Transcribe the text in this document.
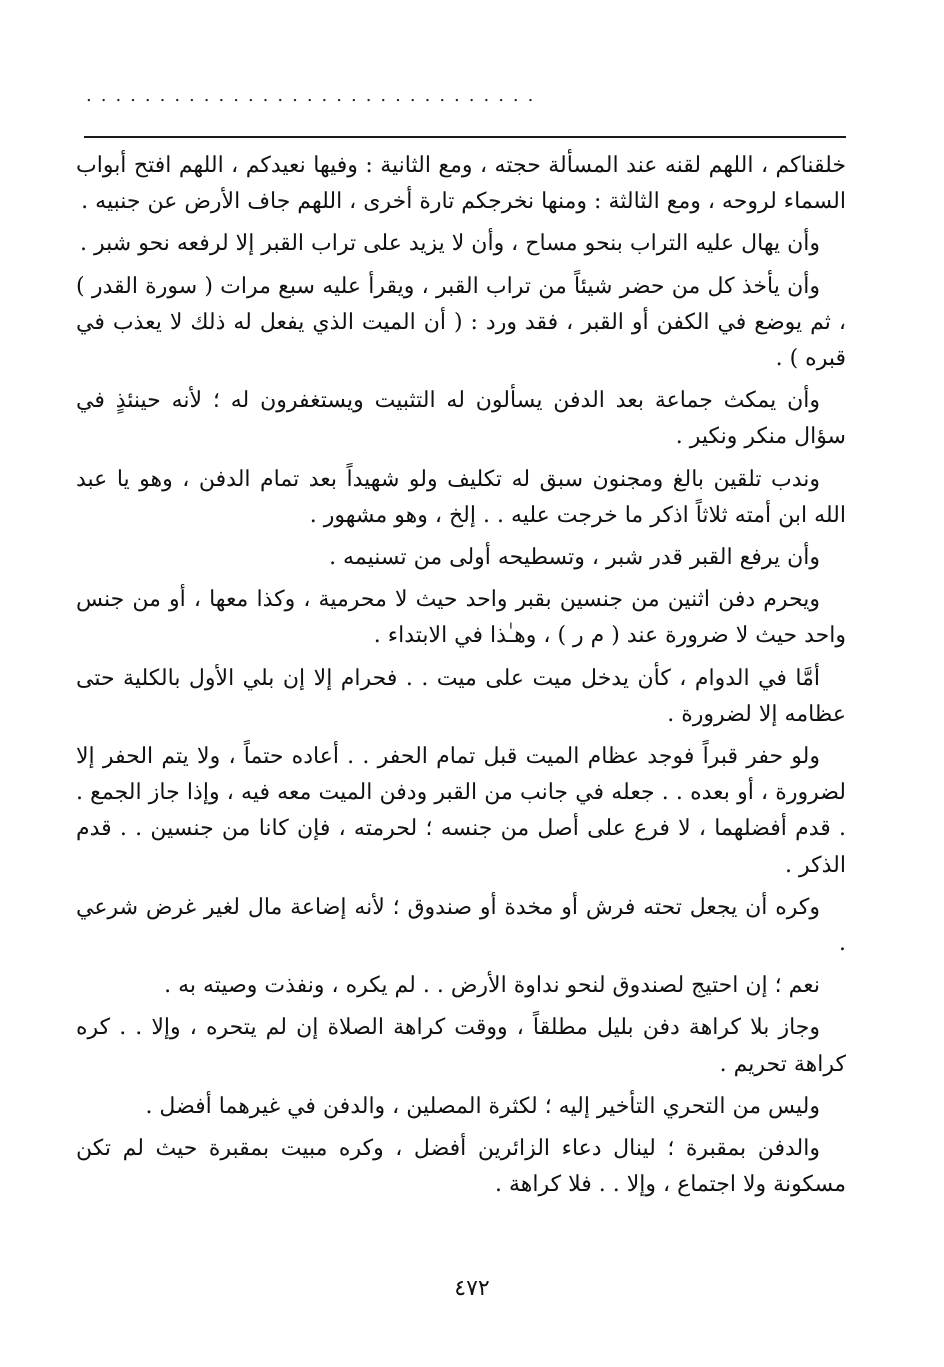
...............................

خلقناكم ، اللهم لقنه عند المسألة حجته ، ومع الثانية : وفيها نعيدكم ، اللهم افتح أبواب السماء لروحه ، ومع الثالثة : ومنها نخرجكم تارة أخرى ، اللهم جاف الأرض عن جنبيه .

وأن يهال عليه التراب بنحو مساح ، وأن لا يزيد على تراب القبر إلا لرفعه نحو شبر .

وأن يأخذ كل من حضر شيئاً من تراب القبر ، ويقرأ عليه سبع مرات ( سورة القدر ) ، ثم يوضع في الكفن أو القبر ، فقد ورد : ( أن الميت الذي يفعل له ذلك لا يعذب في قبره ) .

وأن يمكث جماعة بعد الدفن يسألون له التثبيت ويستغفرون له ؛ لأنه حينئذٍ في سؤال منكر ونكير .

وندب تلقين بالغ ومجنون سبق له تكليف ولو شهيداً بعد تمام الدفن ، وهو يا عبد الله ابن أمته ثلاثاً اذكر ما خرجت عليه . . إلخ ، وهو مشهور .

وأن يرفع القبر قدر شبر ، وتسطيحه أولى من تسنيمه .

ويحرم دفن اثنين من جنسين بقبر واحد حيث لا محرمية ، وكذا معها ، أو من جنس واحد حيث لا ضرورة عند ( م ر ) ، وهـٰذا في الابتداء .

أمَّا في الدوام ، كأن يدخل ميت على ميت . . فحرام إلا إن بلي الأول بالكلية حتى عظامه إلا لضرورة .

ولو حفر قبراً فوجد عظام الميت قبل تمام الحفر . . أعاده حتماً ، ولا يتم الحفر إلا لضرورة ، أو بعده . . جعله في جانب من القبر ودفن الميت معه فيه ، وإذا جاز الجمع . . قدم أفضلهما ، لا فرع على أصل من جنسه ؛ لحرمته ، فإن كانا من جنسين . . قدم الذكر .

وكره أن يجعل تحته فرش أو مخدة أو صندوق ؛ لأنه إضاعة مال لغير غرض شرعي .

نعم ؛ إن احتيج لصندوق لنحو نداوة الأرض . . لم يكره ، ونفذت وصيته به .

وجاز بلا كراهة دفن بليل مطلقاً ، ووقت كراهة الصلاة إن لم يتحره ، وإلا . . كره كراهة تحريم .

وليس من التحري التأخير إليه ؛ لكثرة المصلين ، والدفن في غيرهما أفضل .

والدفن بمقبرة ؛ لينال دعاء الزائرين أفضل ، وكره مبيت بمقبرة حيث لم تكن مسكونة ولا اجتماع ، وإلا . . فلا كراهة .

٤٧٢
